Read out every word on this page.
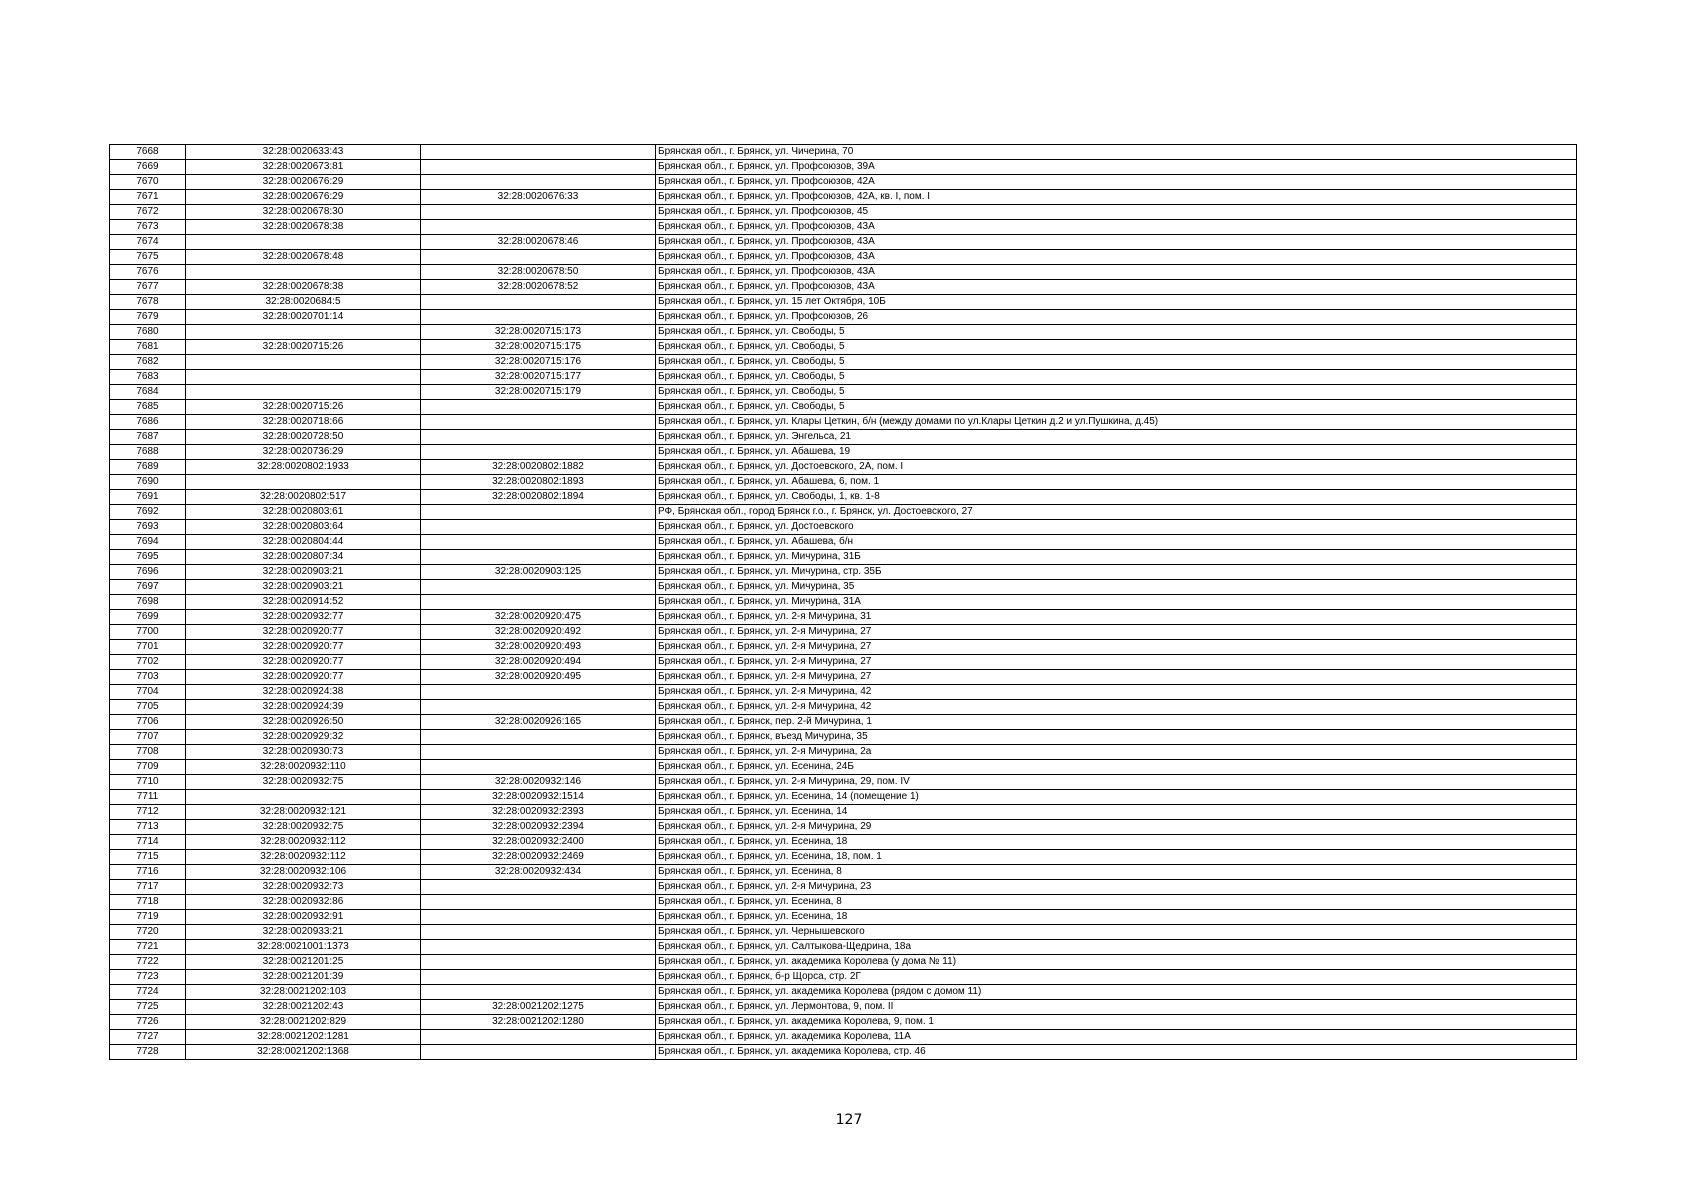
7668	32:28:0020633:43		Брянская обл., г. Брянск, ул. Чичерина, 70
7669	32:28:0020673:81		Брянская обл., г. Брянск, ул. Профсоюзов, 39А
7670	32:28:0020676:29		Брянская обл., г. Брянск, ул. Профсоюзов, 42А
7671	32:28:0020676:29	32:28:0020676:33	Брянская обл., г. Брянск, ул. Профсоюзов, 42А, кв. I, пом. I
7672	32:28:0020678:30		Брянская обл., г. Брянск, ул. Профсоюзов, 45
7673	32:28:0020678:38		Брянская обл., г. Брянск, ул. Профсоюзов, 43А
7674		32:28:0020678:46	Брянская обл., г. Брянск, ул. Профсоюзов, 43А
7675	32:28:0020678:48		Брянская обл., г. Брянск, ул. Профсоюзов, 43А
7676		32:28:0020678:50	Брянская обл., г. Брянск, ул. Профсоюзов, 43А
7677	32:28:0020678:38	32:28:0020678:52	Брянская обл., г. Брянск, ул. Профсоюзов, 43А
7678	32:28:0020684:5		Брянская обл., г. Брянск, ул. 15 лет Октября, 10Б
7679	32:28:0020701:14		Брянская обл., г. Брянск, ул. Профсоюзов, 26
7680		32:28:0020715:173	Брянская обл., г. Брянск, ул. Свободы, 5
7681	32:28:0020715:26	32:28:0020715:175	Брянская обл., г. Брянск, ул. Свободы, 5
7682		32:28:0020715:176	Брянская обл., г. Брянск, ул. Свободы, 5
7683		32:28:0020715:177	Брянская обл., г. Брянск, ул. Свободы, 5
7684		32:28:0020715:179	Брянская обл., г. Брянск, ул. Свободы, 5
7685	32:28:0020715:26		Брянская обл., г. Брянск, ул. Свободы, 5
7686	32:28:0020718:66		Брянская обл., г. Брянск, ул. Клары Цеткин, б/н (между домами по ул.Клары Цеткин д.2 и ул.Пушкина, д.45)
7687	32:28:0020728:50		Брянская обл., г. Брянск, ул. Энгельса, 21
7688	32:28:0020736:29		Брянская обл., г. Брянск, ул. Абашева, 19
7689	32:28:0020802:1933	32:28:0020802:1882	Брянская обл., г. Брянск, ул. Достоевского, 2А, пом. I
7690		32:28:0020802:1893	Брянская обл., г. Брянск, ул. Абашева, 6, пом. 1
7691	32:28:0020802:517	32:28:0020802:1894	Брянская обл., г. Брянск, ул. Свободы, 1, кв. 1-8
7692	32:28:0020803:61		РФ, Брянская обл., город Брянск г.о., г. Брянск, ул. Достоевского, 27
7693	32:28:0020803:64		Брянская обл., г. Брянск, ул. Достоевского
7694	32:28:0020804:44		Брянская обл., г. Брянск, ул. Абашева, б/н
7695	32:28:0020807:34		Брянская обл., г. Брянск, ул. Мичурина, 31Б
7696	32:28:0020903:21	32:28:0020903:125	Брянская обл., г. Брянск, ул. Мичурина, стр. 35Б
7697	32:28:0020903:21		Брянская обл., г. Брянск, ул. Мичурина, 35
7698	32:28:0020914:52		Брянская обл., г. Брянск, ул. Мичурина, 31А
7699	32:28:0020932:77	32:28:0020920:475	Брянская обл., г. Брянск, ул. 2-я Мичурина, 31
7700	32:28:0020920:77	32:28:0020920:492	Брянская обл., г. Брянск, ул. 2-я Мичурина, 27
7701	32:28:0020920:77	32:28:0020920:493	Брянская обл., г. Брянск, ул. 2-я Мичурина, 27
7702	32:28:0020920:77	32:28:0020920:494	Брянская обл., г. Брянск, ул. 2-я Мичурина, 27
7703	32:28:0020920:77	32:28:0020920:495	Брянская обл., г. Брянск, ул. 2-я Мичурина, 27
7704	32:28:0020924:38		Брянская обл., г. Брянск, ул. 2-я Мичурина, 42
7705	32:28:0020924:39		Брянская обл., г. Брянск, ул. 2-я Мичурина, 42
7706	32:28:0020926:50	32:28:0020926:165	Брянская обл., г. Брянск, пер. 2-й Мичурина, 1
7707	32:28:0020929:32		Брянская обл., г. Брянск, въезд Мичурина, 35
7708	32:28:0020930:73		Брянская обл., г. Брянск, ул. 2-я Мичурина, 2а
7709	32:28:0020932:110		Брянская обл., г. Брянск, ул. Есенина, 24Б
7710	32:28:0020932:75	32:28:0020932:146	Брянская обл., г. Брянск, ул. 2-я Мичурина, 29, пом. IV
7711		32:28:0020932:1514	Брянская обл., г. Брянск, ул. Есенина, 14 (помещение 1)
7712	32:28:0020932:121	32:28:0020932:2393	Брянская обл., г. Брянск, ул. Есенина, 14
7713	32:28:0020932:75	32:28:0020932:2394	Брянская обл., г. Брянск, ул. 2-я Мичурина, 29
7714	32:28:0020932:112	32:28:0020932:2400	Брянская обл., г. Брянск, ул. Есенина, 18
7715	32:28:0020932:112	32:28:0020932:2469	Брянская обл., г. Брянск, ул. Есенина, 18, пом. 1
7716	32:28:0020932:106	32:28:0020932:434	Брянская обл., г. Брянск, ул. Есенина, 8
7717	32:28:0020932:73		Брянская обл., г. Брянск, ул. 2-я Мичурина, 23
7718	32:28:0020932:86		Брянская обл., г. Брянск, ул. Есенина, 8
7719	32:28:0020932:91		Брянская обл., г. Брянск, ул. Есенина, 18
7720	32:28:0020933:21		Брянская обл., г. Брянск, ул. Чернышевского
7721	32:28:0021001:1373		Брянская обл., г. Брянск, ул. Салтыкова-Щедрина, 18а
7722	32:28:0021201:25		Брянская обл., г. Брянск, ул. академика Королева (у дома № 11)
7723	32:28:0021201:39		Брянская обл., г. Брянск, б-р Щорса, стр. 2Г
7724	32:28:0021202:103		Брянская обл., г. Брянск, ул. академика Королева (рядом с домом 11)
7725	32:28:0021202:43	32:28:0021202:1275	Брянская обл., г. Брянск, ул. Лермонтова, 9, пом. II
7726	32:28:0021202:829	32:28:0021202:1280	Брянская обл., г. Брянск, ул. академика Королева, 9, пом. 1
7727	32:28:0021202:1281		Брянская обл., г. Брянск, ул. академика Королева, 11А
7728	32:28:0021202:1368		Брянская обл., г. Брянск, ул. академика Королева, стр. 46
127
